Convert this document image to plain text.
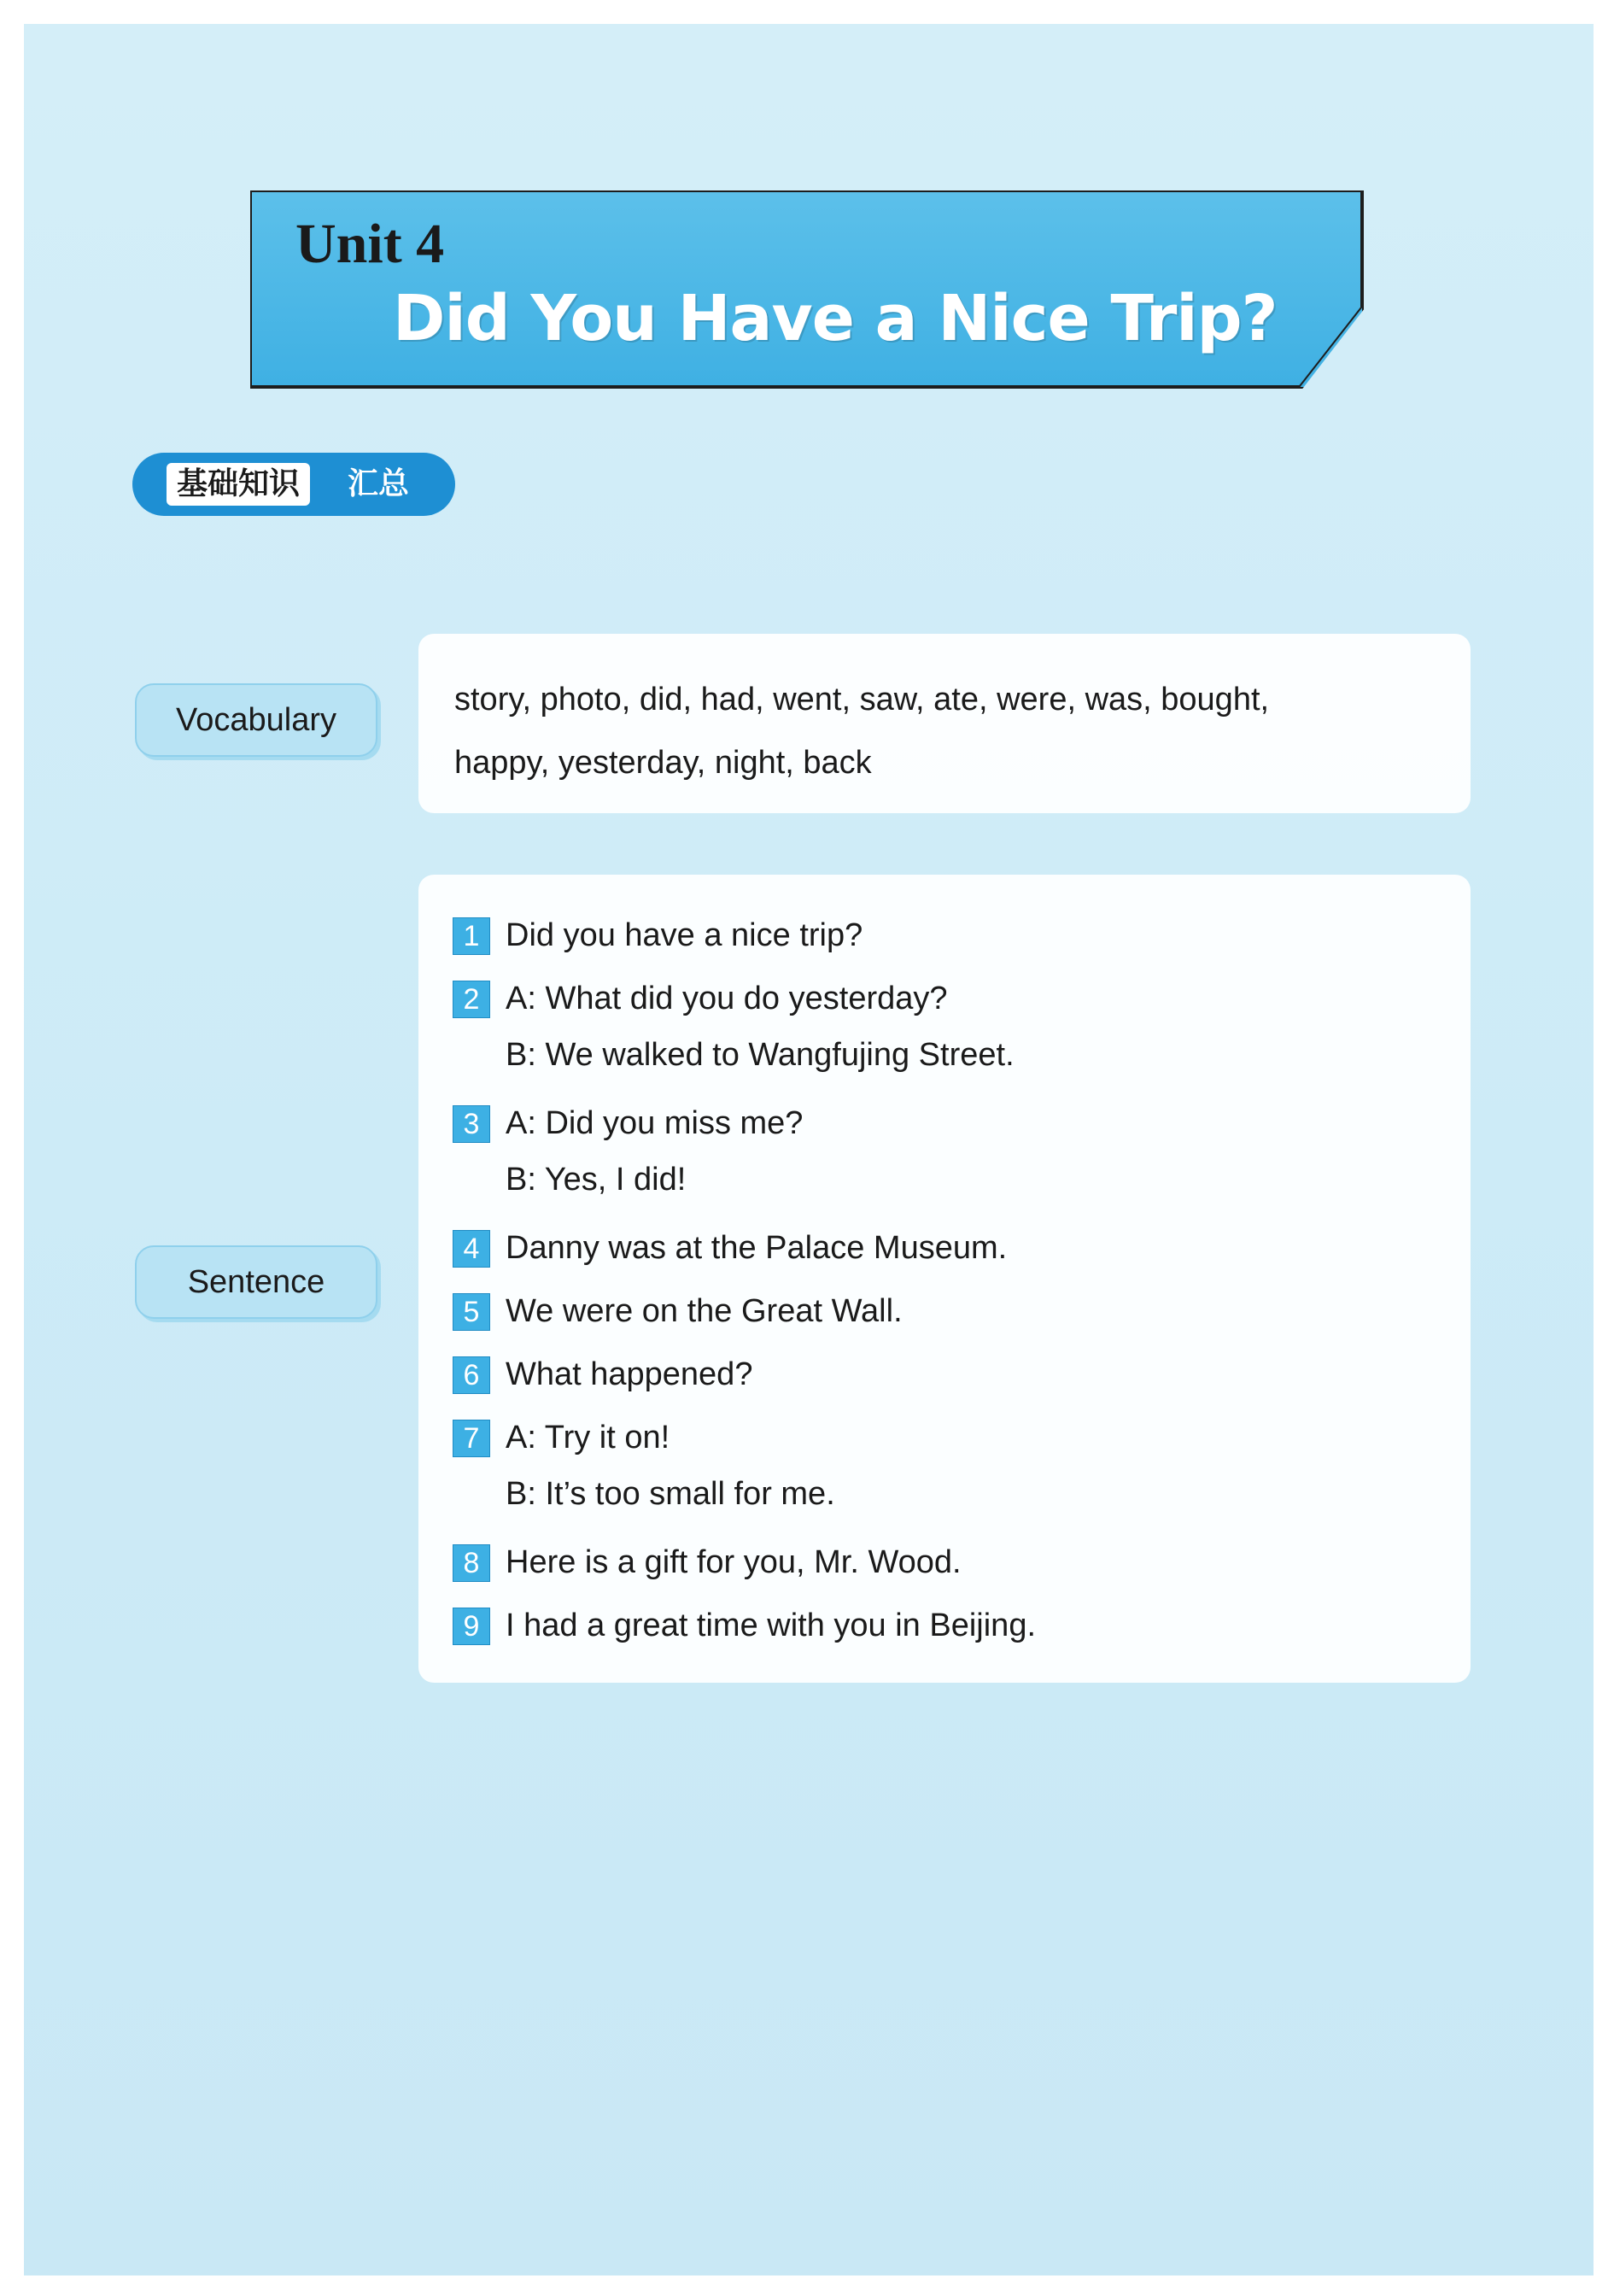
Unit 4
Did You Have a Nice Trip?
基础知识	汇总
Vocabulary
story, photo, did, had, went, saw, ate, were, was, bought,
happy, yesterday, night, back
Sentence
1 Did you have a nice trip?
2 A: What did you do yesterday?
B: We walked to Wangfujing Street.
3 A: Did you miss me?
B: Yes, I did!
4 Danny was at the Palace Museum.
5 We were on the Great Wall.
6 What happened?
7 A: Try it on!
B: It’s too small for me.
8 Here is a gift for you, Mr. Wood.
9 I had a great time with you in Beijing.
